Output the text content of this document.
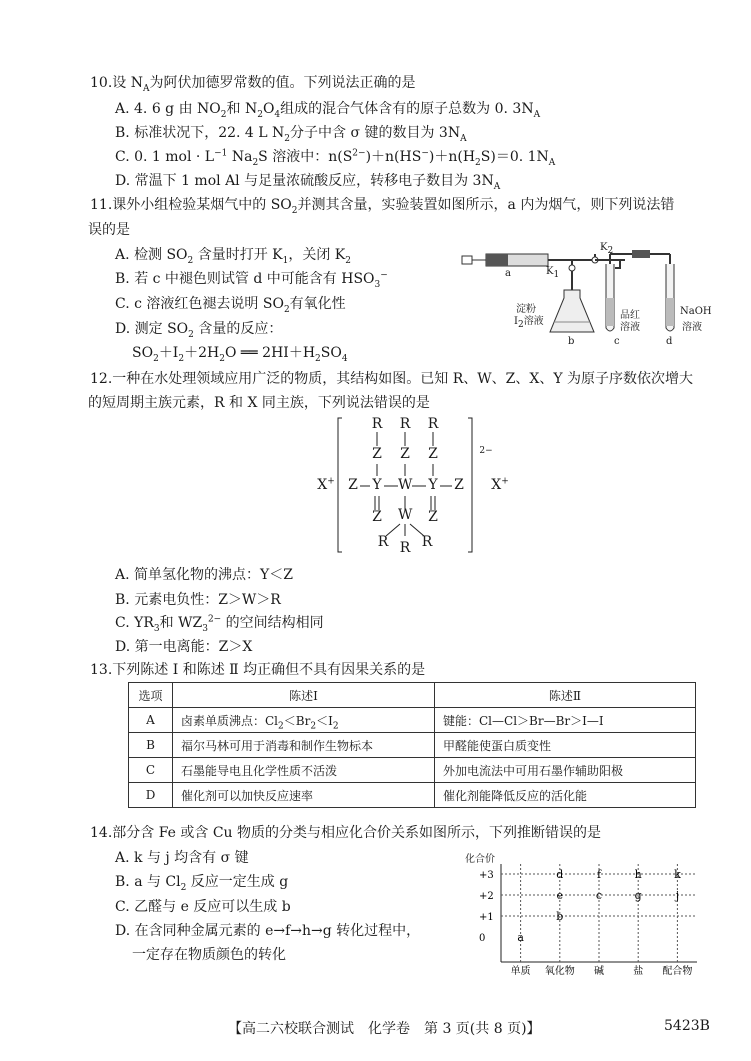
10.设 $N_A$为阿伏加德罗常数的值。下列说法正确的是
A. 4. 6 g 由 $NO_2$和 $N_2O_4$组成的混合气体含有的原子总数为 0. $3N_A$
B. 标准状况下，22. 4 L $N_2$分子中含 σ 键的数目为 $3N_A$
C. 0. 1 mol · $L^{-1}$ $Na_2S$ 溶液中：$n(S^{2-})+n(HS^-)+n(H_2S)=0$. $1N_A$
D. 常温下 1 mol Al 与足量浓硫酸反应，转移电子数目为 $3N_A$
11.课外小组检验某烟气中的 $SO_2$并测其含量，实验装置如图所示，a 内为烟气，则下列说法错
误的是
A. 检测 $SO_2$ 含量时打开 $K_1$，关闭 $K_2$
B. 若 c 中褪色则试管 d 中可能含有 $HSO_3^-$
C. c 溶液红色褪去说明 $SO_2$有氧化性
D. 测定 $SO_2$ 含量的反应：
$SO_2+I_2+2H_2O$ ══ $2HI+H_2SO_4$
a	$K_1$
$K_2$
淀粉
$I_2$溶液
b
品红
溶液
c
NaOH
溶液
d
12.一种在水处理领域应用广泛的物质，其结构如图。已知 R、W、Z、X、Y 为原子序数依次增大
的短周期主族元素，R 和 X 同主族，下列说法错误的是
R R R
Z Z Z
Z Y W Y Z
Z W Z
R R R
X+
2−
X+
A. 简单氢化物的沸点：Y＜Z
B. 元素电负性：Z＞W＞R
C. $YR_3$和 $WZ_3^{2-}$ 的空间结构相同
D. 第一电离能：Z＞X
13.下列陈述 Ⅰ 和陈述 Ⅱ 均正确但不具有因果关系的是
选项	陈述Ⅰ	陈述Ⅱ
A	卤素单质沸点：$Cl_2<Br_2<I_2$	键能：Cl—Cl＞Br—Br＞I—I
B	福尔马林可用于消毒和制作生物标本	甲醛能使蛋白质变性
C	石墨能导电且化学性质不活泼	外加电流法中可用石墨作辅助阳极
D	催化剂可以加快反应速率	催化剂能降低反应的活化能
14.部分含 Fe 或含 Cu 物质的分类与相应化合价关系如图所示，下列推断错误的是
A. k 与 j 均含有 σ 键
B. a 与 $Cl_2$ 反应一定生成 g
C. 乙醛与 e 反应可以生成 b
D. 在含同种金属元素的 e→f→h→g 转化过程中，
一定存在物质颜色的转化
+3
+2
+1
0
单质 氧化物 碱	盐 配合物
a
b
e
d
c
f
g
h
j
k
化合价
【高二六校联合测试　化学卷　第 3 页(共 8 页)】	5423B
